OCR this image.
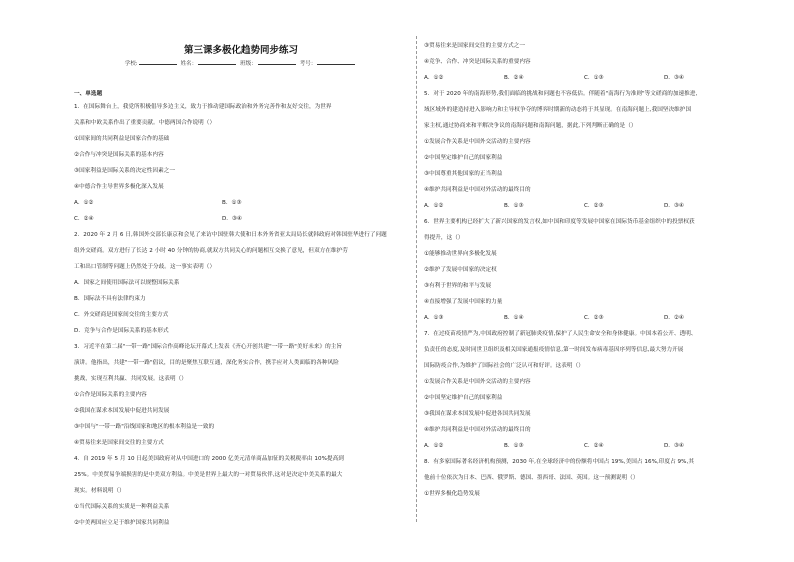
第三课多极化趋势同步练习
学校:	姓名：	班级：	考号：
一、单选题
1．在国际舞台上，我党所积极倡导多边主义，致力于推动建国际政治和外务完善作和友好交往，为世界
关系和中欧关系作出了重要贡献。中德两国合作说明（）
①国家间的共同利益是国家合作的基础
②合作与冲突是国际关系的基本内容
③国家利益是国际关系的决定性因素之一
④中德合作主导世界多极化深入发展
A．①②	B．①③
C．②④	D．③④
2．2020 年 2 月 6 日,韩国外交部长康京和会见了来访中国驻韩大使和日本外务省亚太局局长就韩政府对韩国驻华进行了问题
组外交磋商。双方进行了长达 2 小时 40 分钟的协商,就双方共同关心的问题相互交换了意见，但双方在维护劳
工和出口管制等问题上仍然处于分歧。这一事实表明（）
A．国家之间使用国际法可以规整国际关系
B．国际法不具有法律约束力
C．外交磋商是国家间交往的主要方式
D．竞争与合作是国际关系的基本形式
3．习近平在第二届"一带一路"国际合作高峰论坛开幕式上发表《齐心开创共建"一带一路"美好未来》的主旨
演讲。他指出，共建"一带一路"倡议，目的是聚焦互联互通，深化务实合作，携手应对人类面临的各种风险
挑战，实现互利共赢、共同发展。这表明（）
①合作是国际关系的主要内容
②我国在谋求本国发展中促进共同发展
③中国与"一带一路"沿线国家和地区的根本利益是一致的
④贸易往来是国家间交往的主要方式
4．自 2019 年 5 月 10 日起美国政府对从中国进口的 2000 亿美元清单商品加征的关税税率由 10%提高到
25%。中美贸易争端损害的是中美双方利益。中美是世界上最大的一对贸易伙伴,这对是决定中美关系的最大
现实。材料说明（）
①当代国际关系的实质是一种利益关系
②中美两国应立足于维护国家共同利益
③贸易往来是国家间交往的主要方式之一
④竞争、合作、冲突是国际关系的重要内容
A．①②	B．②④	C．①③	D．③④
5．对于 2020 年的南海形势,我们面临的挑战和问题也不容低估。伴随着"南海行为准则"等文磋商的加速推进,
域区域外的建造持进入影响力和主导权争夺的博弈时期新的动态将于其显现。在南海问题上,我国坚决维护国
家主权,通过协商来和平解决争议的南海问题和南海问题，据此,下列判断正确的是（）
①发展合作关系是中国外交活动的主要内容
②中国坚定维护自己的国家利益
③中国尊重其他国家的正当利益
④维护共同利益是中国对外活动的最终目的
A．①②	B．①③	C．②③	D．③④
6．世界主要机构已经扩大了新兴国家的发言权,如中国和印度等发展中国家在国际货币基金组织中的投票权获
得提升，这（）
①能够推动世界向多极化发展
②维护了发展中国家的决定权
③有利于世界的和平与发展
④直接增强了发展中国家的力量
A．①③	B．①④	C．②③	D．②④
7．在过疫苗疫情严为,中国政府控制了新冠肺炎疫情,保护了人民生命安全和身体健康。中国本着公开、透明、
负责任的态度,及时同世卫组织及相关国家通报疫情信息,第一时间发布病毒基因序列等信息,最大努力开展
国际防疫合作,为维护了国际社会的广泛认可和好评。这表明（）
①发展合作关系是中国外交活动的主要内容
②中国坚定维护自己的国家利益
③我国在谋求本国发展中促进各国共同发展
④维护共同利益是中国对外活动的最终目的
A．①②	B．①③	C．②④	D．③④
8．有多家国际著名经济机构预测，2030 年,在全球经济中的份额将中国占 19%,美国占 16%,印度占 9%,其
他前十位依次为日本、巴西、俄罗斯、德国、墨西哥、法国、英国。这一预测说明（）
①世界多极化趋势发展
